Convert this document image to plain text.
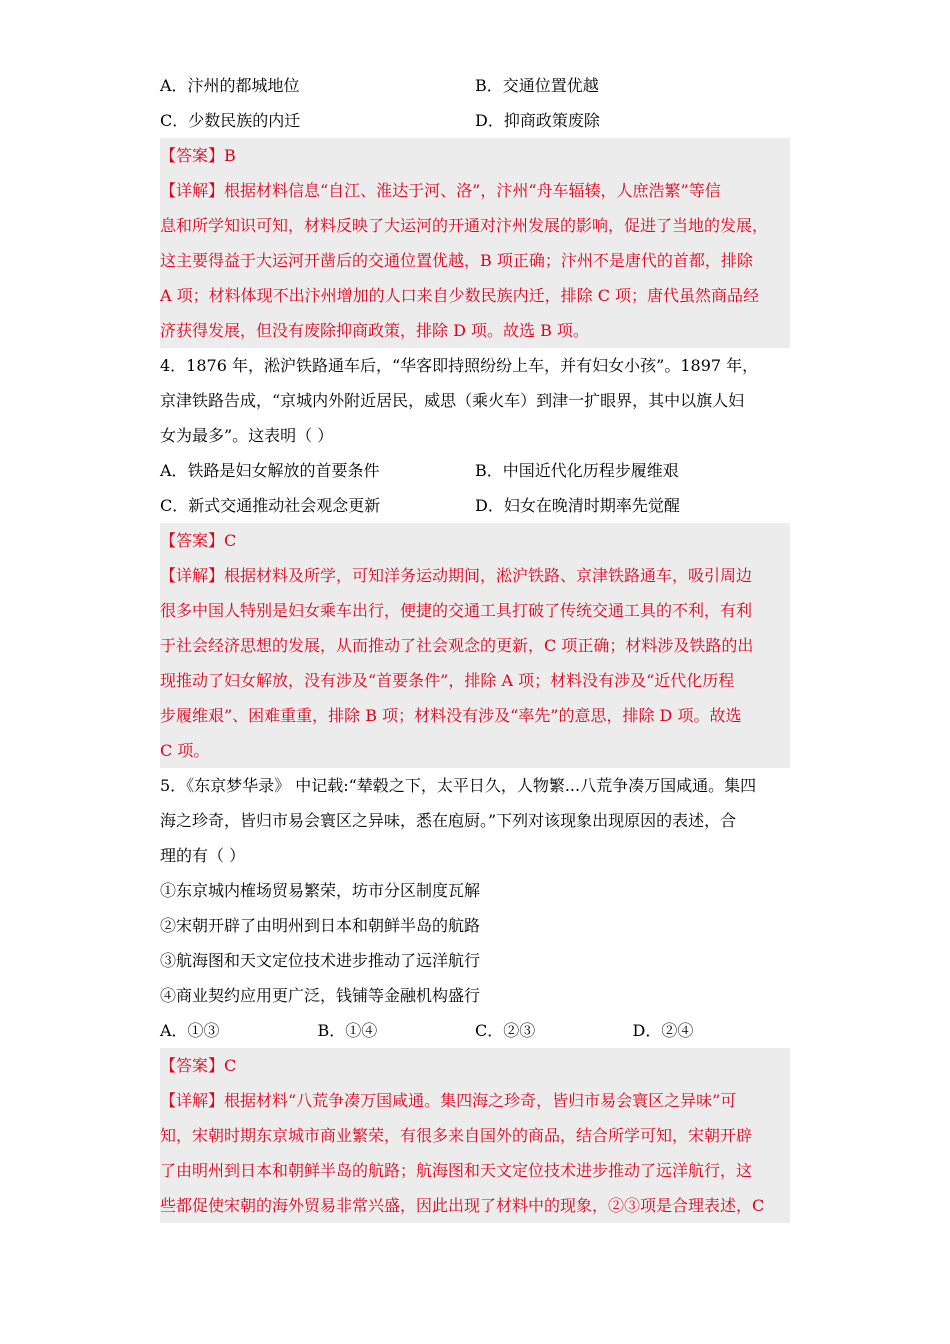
A．汴州的都城地位	B．交通位置优越
C．少数民族的内迁	D．抑商政策废除
【答案】B
【详解】根据材料信息“自江、淮达于河、洛”，汴州“舟车辐辏，人庶浩繁”等信
息和所学知识可知，材料反映了大运河的开通对汴州发展的影响，促进了当地的发展，
这主要得益于大运河开凿后的交通位置优越，B 项正确；汴州不是唐代的首都，排除
A 项；材料体现不出汴州增加的人口来自少数民族内迁，排除 C 项；唐代虽然商品经
济获得发展，但没有废除抑商政策，排除 D 项。故选 B 项。
4．1876 年，淞沪铁路通车后，“华客即持照纷纷上车，并有妇女小孩”。1897 年，
京津铁路告成，“京城内外附近居民，威思（乘火车）到津一扩眼界，其中以旗人妇
女为最多”。这表明（ ）
A．铁路是妇女解放的首要条件	B．中国近代化历程步履维艰
C．新式交通推动社会观念更新	D．妇女在晚清时期率先觉醒
【答案】C
【详解】根据材料及所学，可知洋务运动期间，淞沪铁路、京津铁路通车，吸引周边
很多中国人特别是妇女乘车出行，便捷的交通工具打破了传统交通工具的不利，有利
于社会经济思想的发展，从而推动了社会观念的更新，C 项正确；材料涉及铁路的出
现推动了妇女解放，没有涉及“首要条件”，排除 A 项；材料没有涉及“近代化历程
步履维艰”、困难重重，排除 B 项；材料没有涉及“率先”的意思，排除 D 项。故选
C 项。
5．《东京梦华录》 中记载:“辇毂之下，太平日久，人物繁...八荒争凑万国咸通。集四
海之珍奇，皆归市易会寰区之异味，悉在庖厨。”下列对该现象出现原因的表述，合
理的有（ ）
①东京城内榷场贸易繁荣，坊市分区制度瓦解
②宋朝开辟了由明州到日本和朝鲜半岛的航路
③航海图和天文定位技术进步推动了远洋航行
④商业契约应用更广泛，钱铺等金融机构盛行
A．①③	B．①④	C．②③	D．②④
【答案】C
【详解】根据材料“八荒争凑万国咸通。集四海之珍奇，皆归市易会寰区之异味”可
知，宋朝时期东京城市商业繁荣，有很多来自国外的商品，结合所学可知，宋朝开辟
了由明州到日本和朝鲜半岛的航路；航海图和天文定位技术进步推动了远洋航行，这
些都促使宋朝的海外贸易非常兴盛，因此出现了材料中的现象，②③项是合理表述，C
